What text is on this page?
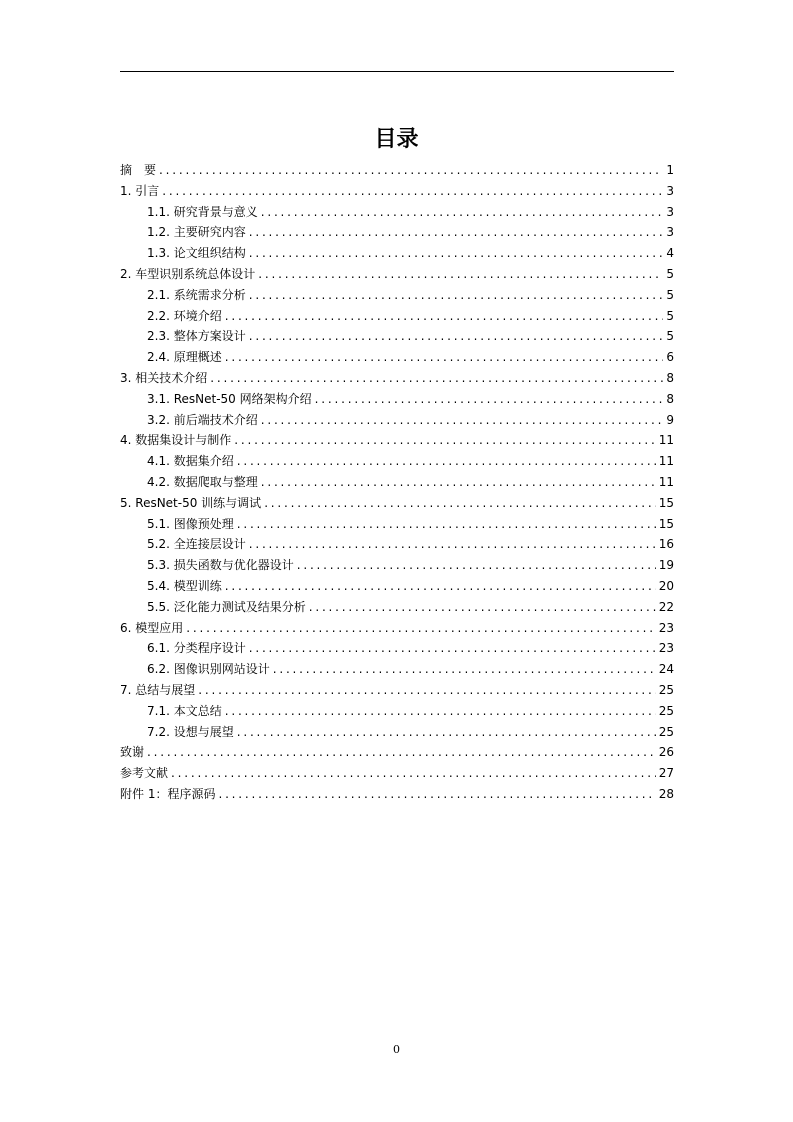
目录
摘　要 .....	1
1. 引言 .....	3
1.1. 研究背景与意义 .....	3
1.2. 主要研究内容 .....	3
1.3. 论文组织结构 .....	4
2. 车型识别系统总体设计 .....	5
2.1. 系统需求分析 .....	5
2.2. 环境介绍 .....	5
2.3. 整体方案设计 .....	5
2.4. 原理概述 .....	6
3. 相关技术介绍 .....	8
3.1. ResNet-50 网络架构介绍 .....	8
3.2. 前后端技术介绍 .....	9
4. 数据集设计与制作 .....	11
4.1. 数据集介绍 .....	11
4.2. 数据爬取与整理 .....	11
5. ResNet-50 训练与调试 .....	15
5.1. 图像预处理 .....	15
5.2. 全连接层设计 .....	16
5.3. 损失函数与优化器设计 .....	19
5.4. 模型训练 .....	20
5.5. 泛化能力测试及结果分析 .....	22
6. 模型应用 .....	23
6.1. 分类程序设计 .....	23
6.2. 图像识别网站设计 .....	24
7. 总结与展望 .....	25
7.1. 本文总结 .....	25
7.2. 设想与展望 .....	25
致谢 .....	26
参考文献 .....	27
附件 1：程序源码 .....	28
0
